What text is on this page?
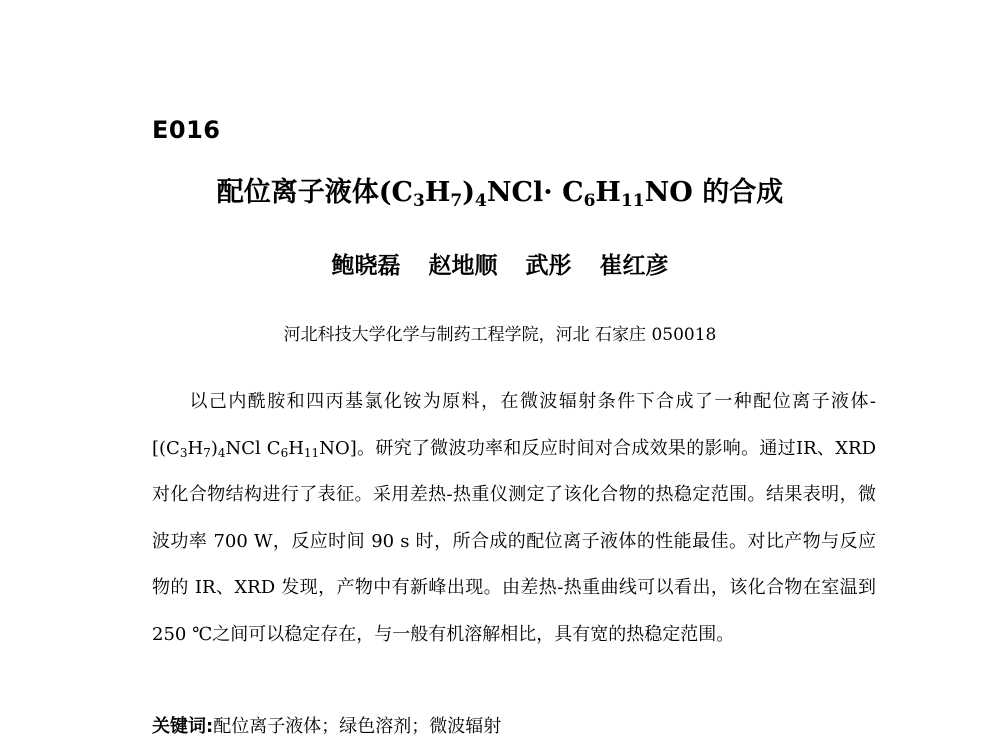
E016
配位离子液体$(C_3H_7)_4NCl\cdot C_6H_{11}NO$ 的合成
鲍晓磊 赵地顺 武彤 崔红彦
河北科技大学化学与制药工程学院，河北 石家庄 050018
以己内酰胺和四丙基氯化铵为原料，在微波辐射条件下合成了一种配位离子液体$-[(C_3H_7)_4NCl$ $C_6H_{11}NO$]。研究了微波功率和反应时间对合成效果的影响。通过IR、XRD 对化合物结构进行了表征。采用差热-热重仪测定了该化合物的热稳定范围。结果表明，微波功率 700 W，反应时间 90 s 时，所合成的配位离子液体的性能最佳。对比产物与反应物的 IR、XRD 发现，产物中有新峰出现。由差热-热重曲线可以看出，该化合物在室温到 250 ℃之间可以稳定存在，与一般有机溶解相比，具有宽的热稳定范围。
关键词:配位离子液体；绿色溶剂；微波辐射
